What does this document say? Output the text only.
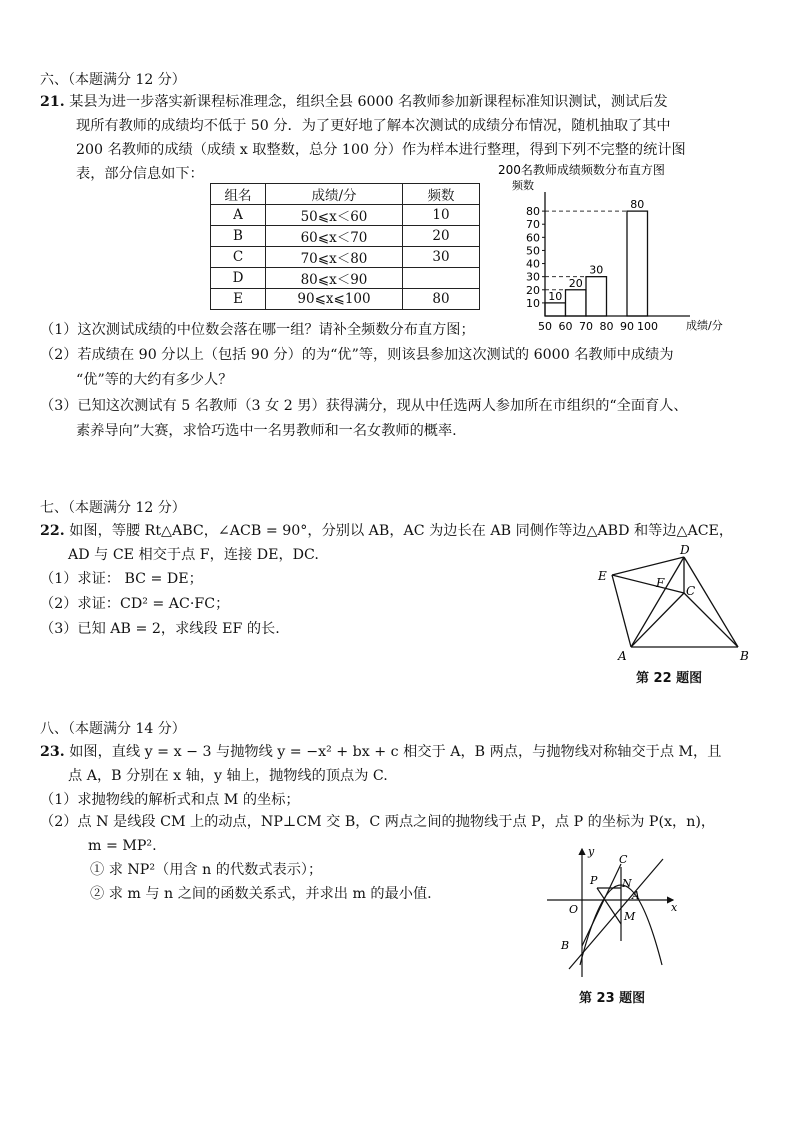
六、（本题满分 12 分）
21. 某县为进一步落实新课程标准理念，组织全县 6000 名教师参加新课程标准知识测试，测试后发
现所有教师的成绩均不低于 50 分．为了更好地了解本次测试的成绩分布情况，随机抽取了其中
200 名教师的成绩（成绩 x 取整数，总分 100 分）作为样本进行整理，得到下列不完整的统计图
表，部分信息如下：
组名	成绩/分	频数
A	50⩽x＜60	10
B	60⩽x＜70	20
C	70⩽x＜80	30
D	80⩽x＜90	
E	90⩽x⩽100	80
200名教师成绩频数分布直方图
频数
10
20
30
80
10
20
30
40
50
60
70
80
50 60 70 80 90 100	成绩/分
（1）这次测试成绩的中位数会落在哪一组？请补全频数分布直方图；
（2）若成绩在 90 分以上（包括 90 分）的为“优”等，则该县参加这次测试的 6000 名教师中成绩为
“优”等的大约有多少人？
（3）已知这次测试有 5 名教师（3 女 2 男）获得满分，现从中任选两人参加所在市组织的“全面育人、
素养导向”大赛，求恰巧选中一名男教师和一名女教师的概率.
七、（本题满分 12 分）
22. 如图，等腰 Rt△ABC，∠ACB = 90°，分别以 AB，AC 为边长在 AB 同侧作等边△ABD 和等边△ACE，
AD 与 CE 相交于点 F，连接 DE，DC.
（1）求证： BC = DE；
（2）求证：CD² = AC·FC；
（3）已知 AB = 2，求线段 EF 的长.
D
E	F
C
A	B
第 22 题图
八、（本题满分 14 分）
23. 如图，直线 y = x − 3 与抛物线 y = −x² + bx + c 相交于 A，B 两点，与抛物线对称轴交于点 M，且
点 A，B 分别在 x 轴，y 轴上，抛物线的顶点为 C.
（1）求抛物线的解析式和点 M 的坐标；
（2）点 N 是线段 CM 上的动点，NP⊥CM 交 B，C 两点之间的抛物线于点 P，点 P 的坐标为 P(x，n)，
m = MP².
① 求 NP²（用含 n 的代数式表示）；
② 求 m 与 n 之间的函数关系式，并求出 m 的最小值.
y
x
O
P
C
N
A
M
B
第 23 题图
